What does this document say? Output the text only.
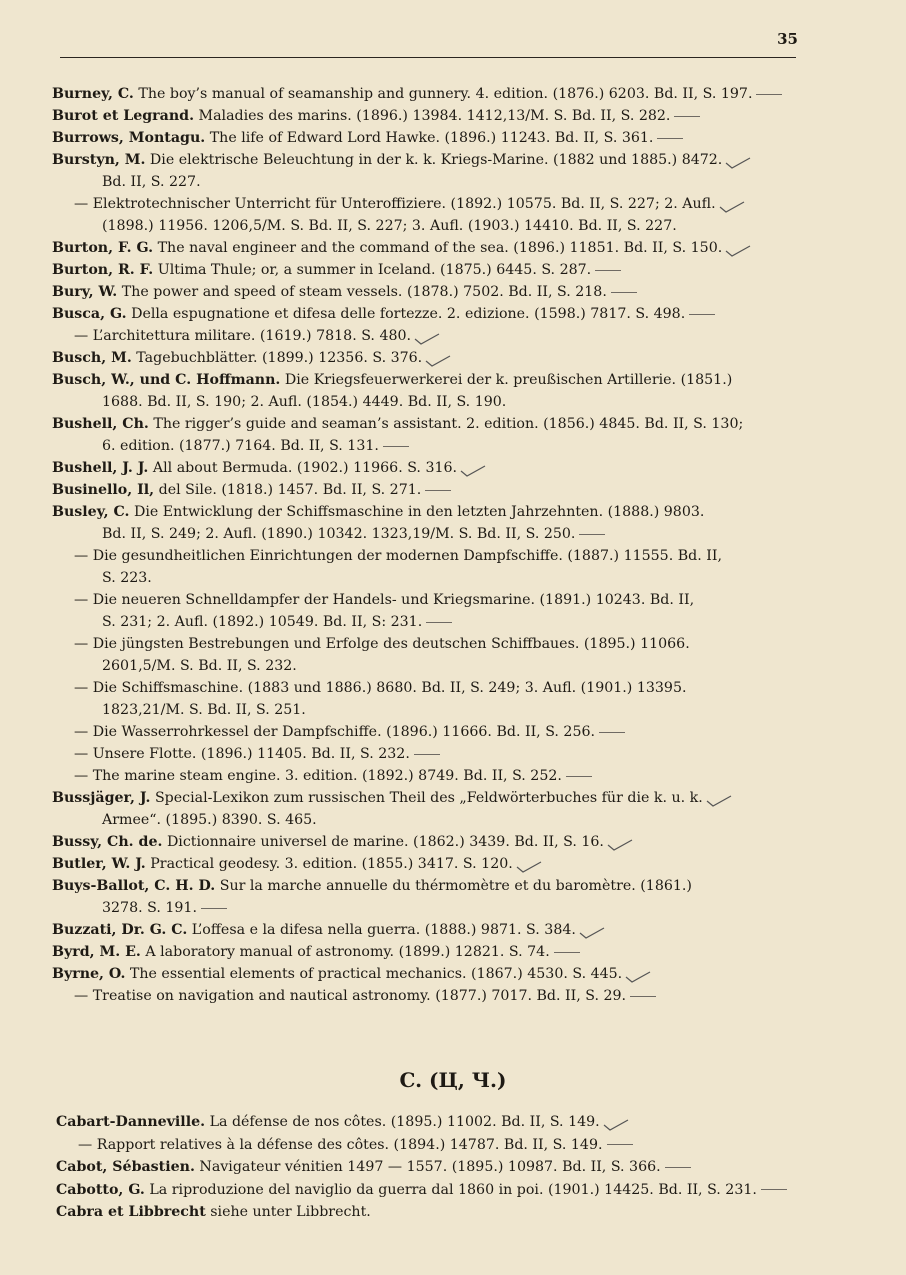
35
Burney, C. The boy’s manual of seamanship and gunnery. 4. edition. (1876.) 6203. Bd. II, S. 197.
Burot et Legrand. Maladies des marins. (1896.) 13984. 1412,13/M. S. Bd. II, S. 282.
Burrows, Montagu. The life of Edward Lord Hawke. (1896.) 11243. Bd. II, S. 361.
Burstyn, M. Die elektrische Beleuchtung in der k. k. Kriegs-Marine. (1882 und 1885.) 8472.
Bd. II, S. 227.
— Elektrotechnischer Unterricht für Unteroffiziere. (1892.) 10575. Bd. II, S. 227; 2. Aufl.
(1898.) 11956. 1206,5/M. S. Bd. II, S. 227; 3. Aufl. (1903.) 14410. Bd. II, S. 227.
Burton, F. G. The naval engineer and the command of the sea. (1896.) 11851. Bd. II, S. 150.
Burton, R. F. Ultima Thule; or, a summer in Iceland. (1875.) 6445. S. 287.
Bury, W. The power and speed of steam vessels. (1878.) 7502. Bd. II, S. 218.
Busca, G. Della espugnatione et difesa delle fortezze. 2. edizione. (1598.) 7817. S. 498.
— L’architettura militare. (1619.) 7818. S. 480.
Busch, M. Tagebuchblätter. (1899.) 12356. S. 376.
Busch, W., und C. Hoffmann. Die Kriegsfeuerwerkerei der k. preußischen Artillerie. (1851.)
1688. Bd. II, S. 190; 2. Aufl. (1854.) 4449. Bd. II, S. 190.
Bushell, Ch. The rigger’s guide and seaman’s assistant. 2. edition. (1856.) 4845. Bd. II, S. 130;
6. edition. (1877.) 7164. Bd. II, S. 131.
Bushell, J. J. All about Bermuda. (1902.) 11966. S. 316.
Businello, Il, del Sile. (1818.) 1457. Bd. II, S. 271.
Busley, C. Die Entwicklung der Schiffsmaschine in den letzten Jahrzehnten. (1888.) 9803.
Bd. II, S. 249; 2. Aufl. (1890.) 10342. 1323,19/M. S. Bd. II, S. 250.
— Die gesundheitlichen Einrichtungen der modernen Dampfschiffe. (1887.) 11555. Bd. II,
S. 223.
— Die neueren Schnelldampfer der Handels- und Kriegsmarine. (1891.) 10243. Bd. II,
S. 231; 2. Aufl. (1892.) 10549. Bd. II, S: 231.
— Die jüngsten Bestrebungen und Erfolge des deutschen Schiffbaues. (1895.) 11066.
2601,5/M. S. Bd. II, S. 232.
— Die Schiffsmaschine. (1883 und 1886.) 8680. Bd. II, S. 249; 3. Aufl. (1901.) 13395.
1823,21/M. S. Bd. II, S. 251.
— Die Wasserrohrkessel der Dampfschiffe. (1896.) 11666. Bd. II, S. 256.
— Unsere Flotte. (1896.) 11405. Bd. II, S. 232.
— The marine steam engine. 3. edition. (1892.) 8749. Bd. II, S. 252.
Bussjäger, J. Special-Lexikon zum russischen Theil des „Feldwörterbuches für die k. u. k.
Armee“. (1895.) 8390. S. 465.
Bussy, Ch. de. Dictionnaire universel de marine. (1862.) 3439. Bd. II, S. 16.
Butler, W. J. Practical geodesy. 3. edition. (1855.) 3417. S. 120.
Buys-Ballot, C. H. D. Sur la marche annuelle du thérmomètre et du baromètre. (1861.)
3278. S. 191.
Buzzati, Dr. G. C. L’offesa e la difesa nella guerra. (1888.) 9871. S. 384.
Byrd, M. E. A laboratory manual of astronomy. (1899.) 12821. S. 74.
Byrne, O. The essential elements of practical mechanics. (1867.) 4530. S. 445.
— Treatise on navigation and nautical astronomy. (1877.) 7017. Bd. II, S. 29.
C. (Ц, Ч.)
Cabart-Danneville. La défense de nos côtes. (1895.) 11002. Bd. II, S. 149.
— Rapport relatives à la défense des côtes. (1894.) 14787. Bd. II, S. 149.
Cabot, Sébastien. Navigateur vénitien 1497 — 1557. (1895.) 10987. Bd. II, S. 366.
Cabotto, G. La riproduzione del naviglio da guerra dal 1860 in poi. (1901.) 14425. Bd. II, S. 231.
Cabra et Libbrecht siehe unter Libbrecht.
